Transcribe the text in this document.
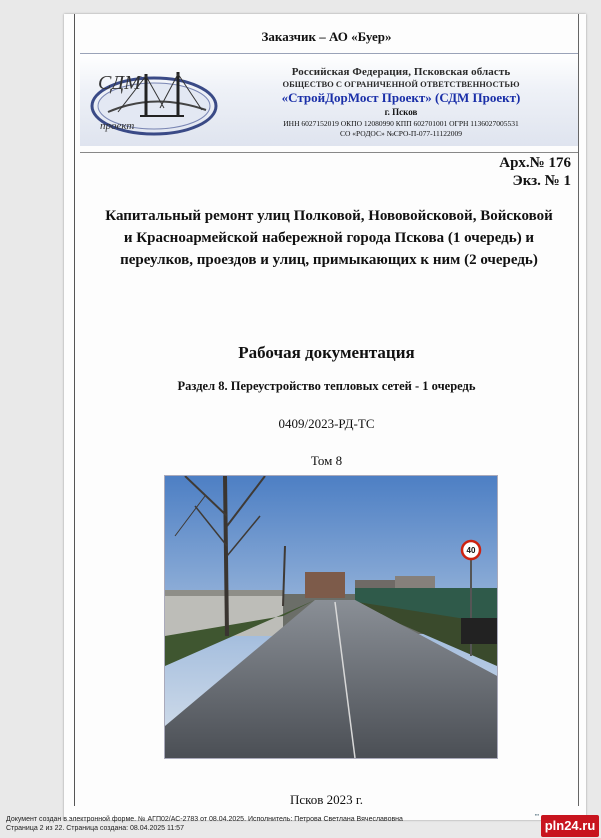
Заказчик – АО «Буер»
СДМ
проект
Российская Федерация, Псковская область
ОБЩЕСТВО С ОГРАНИЧЕННОЙ ОТВЕТСТВЕННОСТЬЮ
«СтройДорМост Проект» (СДМ Проект)
г. Псков
ИНН 6027152019 ОКПО 12080990 КПП 602701001 ОГРН 1136027005531
СО «РОДОС» №СРО-П-077-11122009
Арх.№ 176
Экз. № 1
Капитальный ремонт улиц Полковой, Нововойсковой, Войсковой
и Красноармейской набережной города Пскова (1 очередь) и
переулков, проездов и улиц, примыкающих к ним (2 очередь)
Рабочая документация
Раздел 8. Переустройство тепловых сетей - 1 очередь
0409/2023-РД-ТС
Том 8
40
Псков 2023 г.
Документ создан в электронной форме. № АГП02/АС-2783 от 08.04.2025. Исполнитель: Петрова Светлана Вячеславовна
Страница 2 из 22. Страница создана: 08.04.2025 11:57
▪▪▪
pln24.ru
